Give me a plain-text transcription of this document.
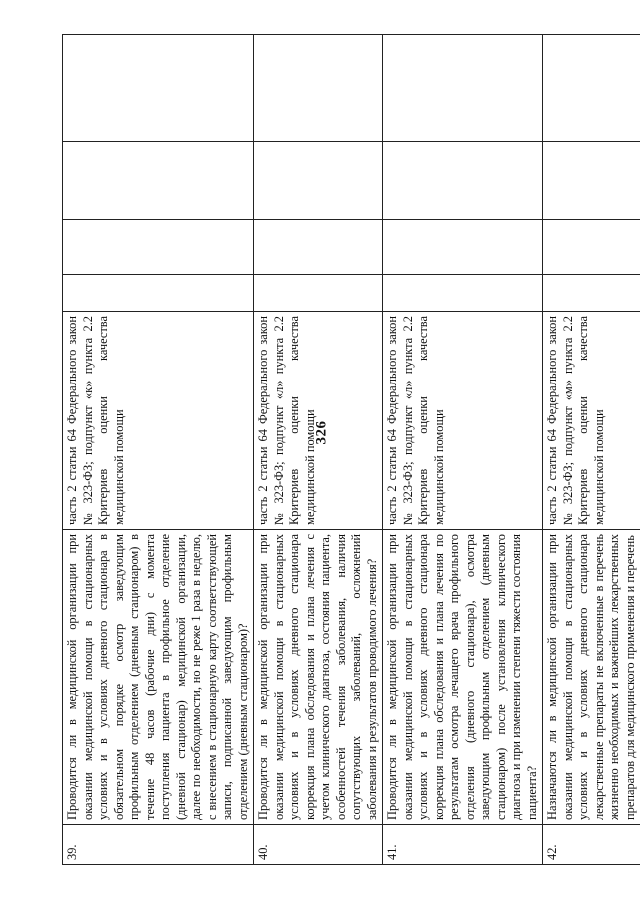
326
39.	Проводится ли в медицинской организации при оказании медицинской помощи в стационарных условиях и в условиях дневного стационара в обязательном порядке осмотр заведующим профильным отделением (дневным стационаром) в течение 48 часов (рабочие дни) с момента поступления пациента в профильное отделение (дневной стационар) медицинской организации, далее по необходимости, но не реже 1 раза в неделю, с внесением в стационарную карту соответствующей записи, подписанной заведующим профильным отделением (дневным стационаром)?	часть 2 статьи 64 Федерального закон № 323-ФЗ; подпункт «к» пункта 2.2 Критериев оценки качества медицинской помощи				
40.	Проводится ли в медицинской организации при оказании медицинской помощи в стационарных условиях и в условиях дневного стационара коррекция плана обследования и плана лечения с учетом клинического диагноза, состояния пациента, особенностей течения заболевания, наличия сопутствующих заболеваний, осложнений заболевания и результатов проводимого лечения?	часть 2 статьи 64 Федерального закон № 323-ФЗ; подпункт «л» пункта 2.2 Критериев оценки качества медицинской помощи				
41.	Проводится ли в медицинской организации при оказании медицинской помощи в стационарных условиях и в условиях дневного стационара коррекция плана обследования и плана лечения по результатам осмотра лечащего врача профильного отделения (дневного стационара), осмотра заведующим профильным отделением (дневным стационаром) после установления клинического диагноза и при изменении степени тяжести состояния пациента?	часть 2 статьи 64 Федерального закон № 323-ФЗ; подпункт «л» пункта 2.2 Критериев оценки качества медицинской помощи				
42.	Назначаются ли в медицинской организации при оказании медицинской помощи в стационарных условиях и в условиях дневного стационара лекарственные препараты не включенные в перечень жизненно необходимых и важнейших лекарственных препаратов для медицинского применения и перечень	часть 2 статьи 64 Федерального закон № 323-ФЗ; подпункт «м» пункта 2.2 Критериев оценки качества медицинской помощи				
